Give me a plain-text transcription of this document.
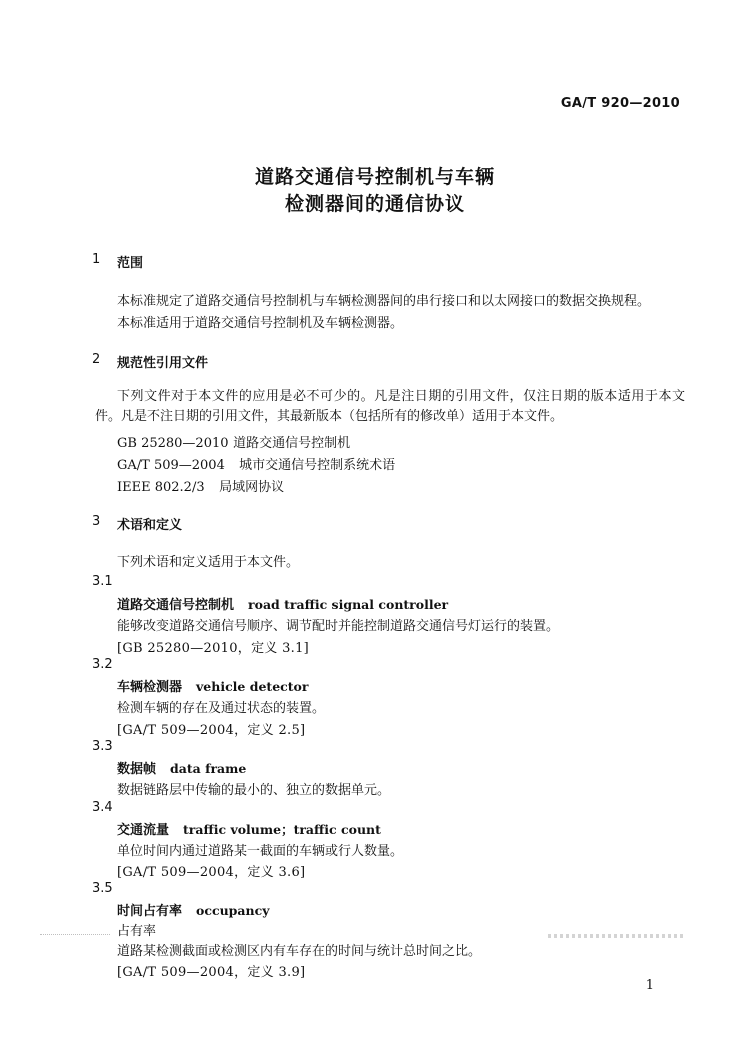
GA/T 920—2010
道路交通信号控制机与车辆
检测器间的通信协议
1 范围
本标准规定了道路交通信号控制机与车辆检测器间的串行接口和以太网接口的数据交换规程。
本标准适用于道路交通信号控制机及车辆检测器。
2 规范性引用文件
下列文件对于本文件的应用是必不可少的。凡是注日期的引用文件，仅注日期的版本适用于本文件。凡是不注日期的引用文件，其最新版本（包括所有的修改单）适用于本文件。
GB 25280—2010 道路交通信号控制机
GA/T 509—2004 城市交通信号控制系统术语
IEEE 802.2/3 局域网协议
3 术语和定义
下列术语和定义适用于本文件。
3.1
道路交通信号控制机 road traffic signal controller
能够改变道路交通信号顺序、调节配时并能控制道路交通信号灯运行的装置。
[GB 25280—2010，定义 3.1]
3.2
车辆检测器 vehicle detector
检测车辆的存在及通过状态的装置。
[GA/T 509—2004，定义 2.5]
3.3
数据帧 data frame
数据链路层中传输的最小的、独立的数据单元。
3.4
交通流量 traffic volume；traffic count
单位时间内通过道路某一截面的车辆或行人数量。
[GA/T 509—2004，定义 3.6]
3.5
时间占有率 occupancy
占有率
道路某检测截面或检测区内有车存在的时间与统计总时间之比。
[GA/T 509—2004，定义 3.9]
1
